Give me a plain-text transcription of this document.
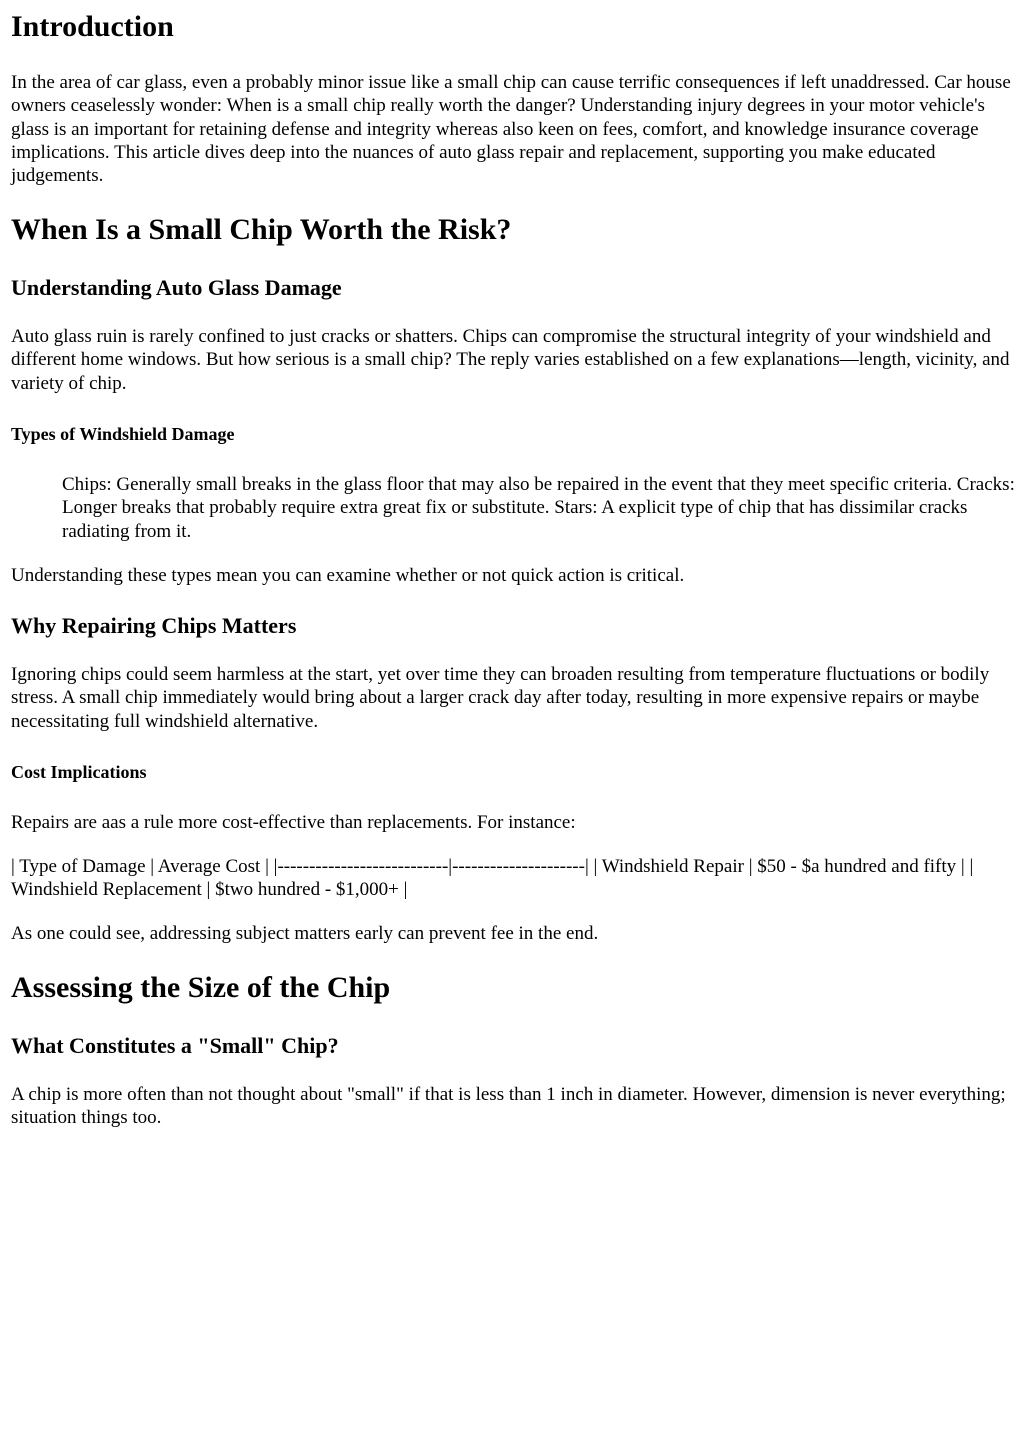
Introduction

In the area of car glass, even a probably minor issue like a small chip can cause terrific consequences if left unaddressed. Car house owners ceaselessly wonder: When is a small chip really worth the danger? Understanding injury degrees in your motor vehicle's glass is an important for retaining defense and integrity whereas also keen on fees, comfort, and knowledge insurance coverage implications. This article dives deep into the nuances of auto glass repair and replacement, supporting you make educated judgements.

When Is a Small Chip Worth the Risk?
Understanding Auto Glass Damage

Auto glass ruin is rarely confined to just cracks or shatters. Chips can compromise the structural integrity of your windshield and different home windows. But how serious is a small chip? The reply varies established on a few explanations—length, vicinity, and variety of chip.

Types of Windshield Damage
Chips: Generally small breaks in the glass floor that may also be repaired in the event that they meet specific criteria. Cracks: Longer breaks that probably require extra great fix or substitute. Stars: A explicit type of chip that has dissimilar cracks radiating from it.

Understanding these types mean you can examine whether or not quick action is critical.

Why Repairing Chips Matters

Ignoring chips could seem harmless at the start, yet over time they can broaden resulting from temperature fluctuations or bodily stress. A small chip immediately would bring about a larger crack day after today, resulting in more expensive repairs or maybe necessitating full windshield alternative.

Cost Implications

Repairs are aas a rule more cost-effective than replacements. For instance:

| Type of Damage | Average Cost | |---------------------------|---------------------| | Windshield Repair | $50 - $a hundred and fifty | | Windshield Replacement | $two hundred - $1,000+ |

As one could see, addressing subject matters early can prevent fee in the end.

Assessing the Size of the Chip
What Constitutes a "Small" Chip?

A chip is more often than not thought about "small" if that is less than 1 inch in diameter. However, dimension is never everything; situation things too.
